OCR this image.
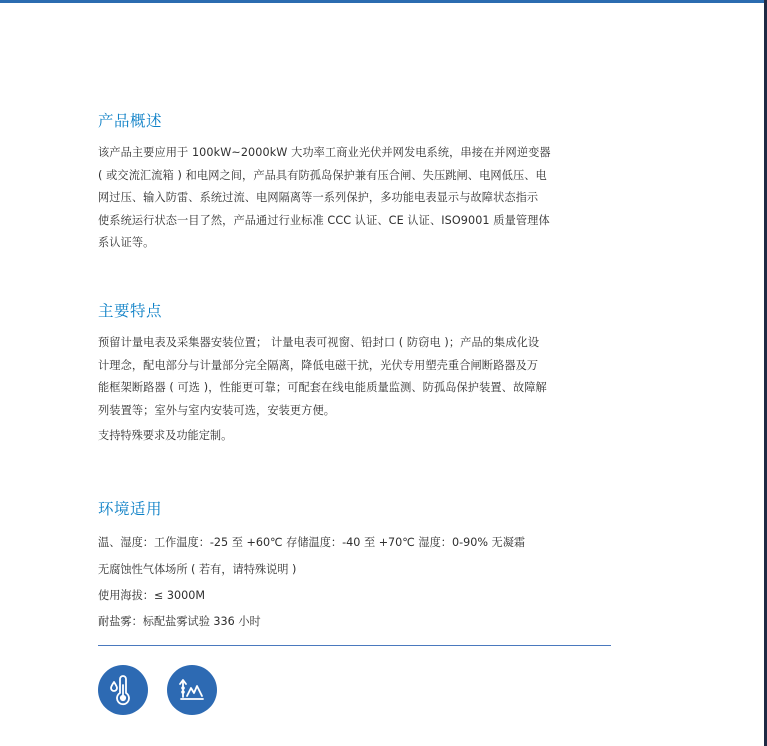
产品概述

该产品主要应用于 100kW~2000kW 大功率工商业光伏并网发电系统，串接在并网逆变器
( 或交流汇流箱 ) 和电网之间，产品具有防孤岛保护兼有压合闸、失压跳闸、电网低压、电
网过压、输入防雷、系统过流、电网隔离等一系列保护，多功能电表显示与故障状态指示
使系统运行状态一目了然，产品通过行业标准 CCC 认证、CE 认证、ISO9001 质量管理体
系认证等。

主要特点

预留计量电表及采集器安装位置； 计量电表可视窗、铅封口 ( 防窃电 )；产品的集成化设
计理念，配电部分与计量部分完全隔离，降低电磁干扰，光伏专用塑壳重合闸断路器及万
能框架断路器 ( 可选 )，性能更可靠；可配套在线电能质量监测、防孤岛保护装置、故障解
列装置等；室外与室内安装可选，安装更方便。

支持特殊要求及功能定制。

环境适用

温、湿度：工作温度：-25 至 +60℃ 存储温度：-40 至 +70℃ 湿度：0-90% 无凝霜

无腐蚀性气体场所 ( 若有，请特殊说明 )

使用海拔：≤ 3000M

耐盐雾：标配盐雾试验 336 小时
